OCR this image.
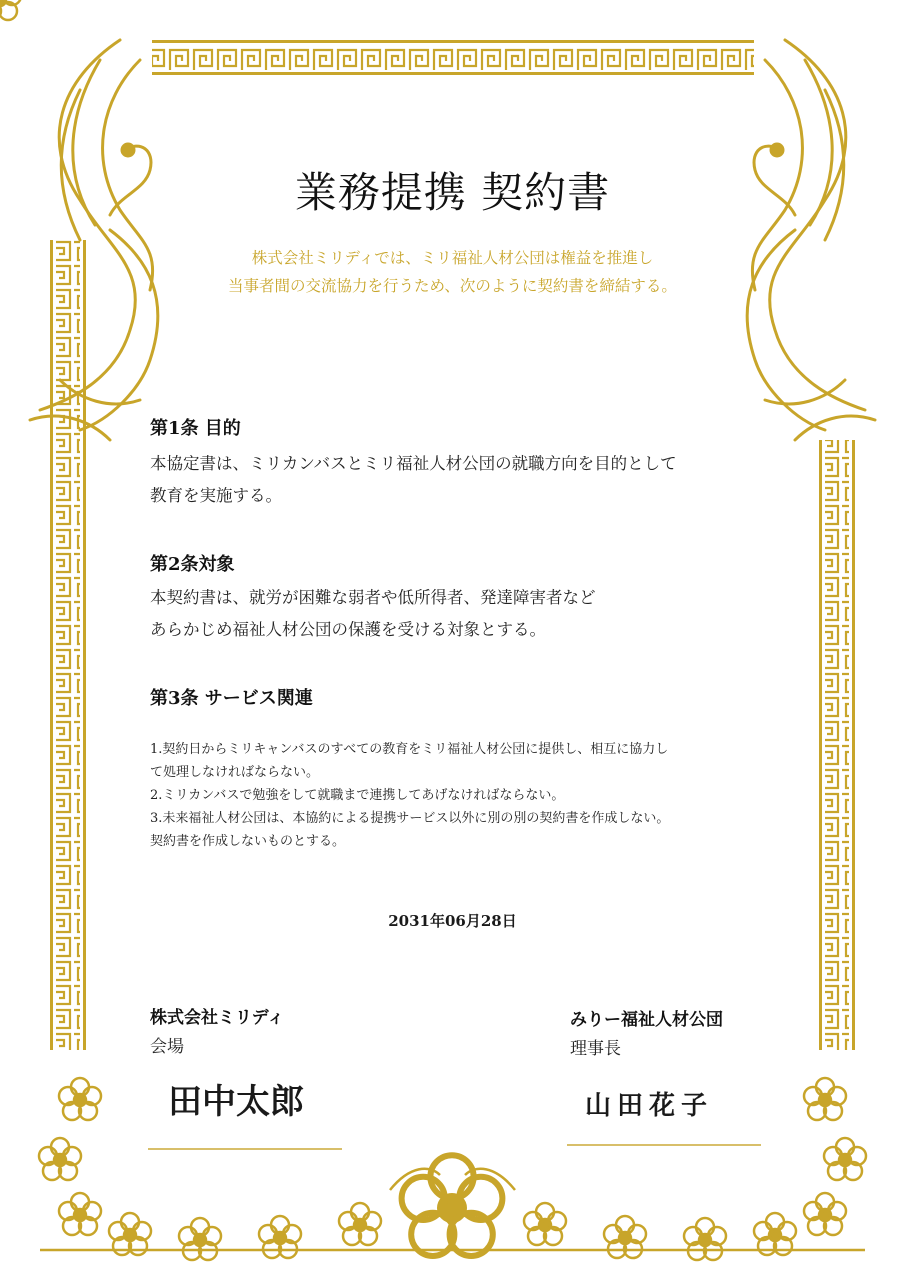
業務提携 契約書
株式会社ミリディでは、ミリ福祉人材公団は権益を推進し
当事者間の交流協力を行うため、次のように契約書を締結する。
第1条 目的
本協定書は、ミリカンバスとミリ福祉人材公団の就職方向を目的として
教育を実施する。
第2条対象
本契約書は、就労が困難な弱者や低所得者、発達障害者など
あらかじめ福祉人材公団の保護を受ける対象とする。
第3条 サービス関連
1.契約日からミリキャンバスのすべての教育をミリ福祉人材公団に提供し、相互に協力し
て処理しなければならない。
2.ミリカンバスで勉強をして就職まで連携してあげなければならない。
3.未来福祉人材公団は、本協約による提携サービス以外に別の別の契約書を作成しない。
契約書を作成しないものとする。
2031年06月28日
株式会社ミリディ
会場
田中太郎
みりー福祉人材公団
理事長
山田花子
